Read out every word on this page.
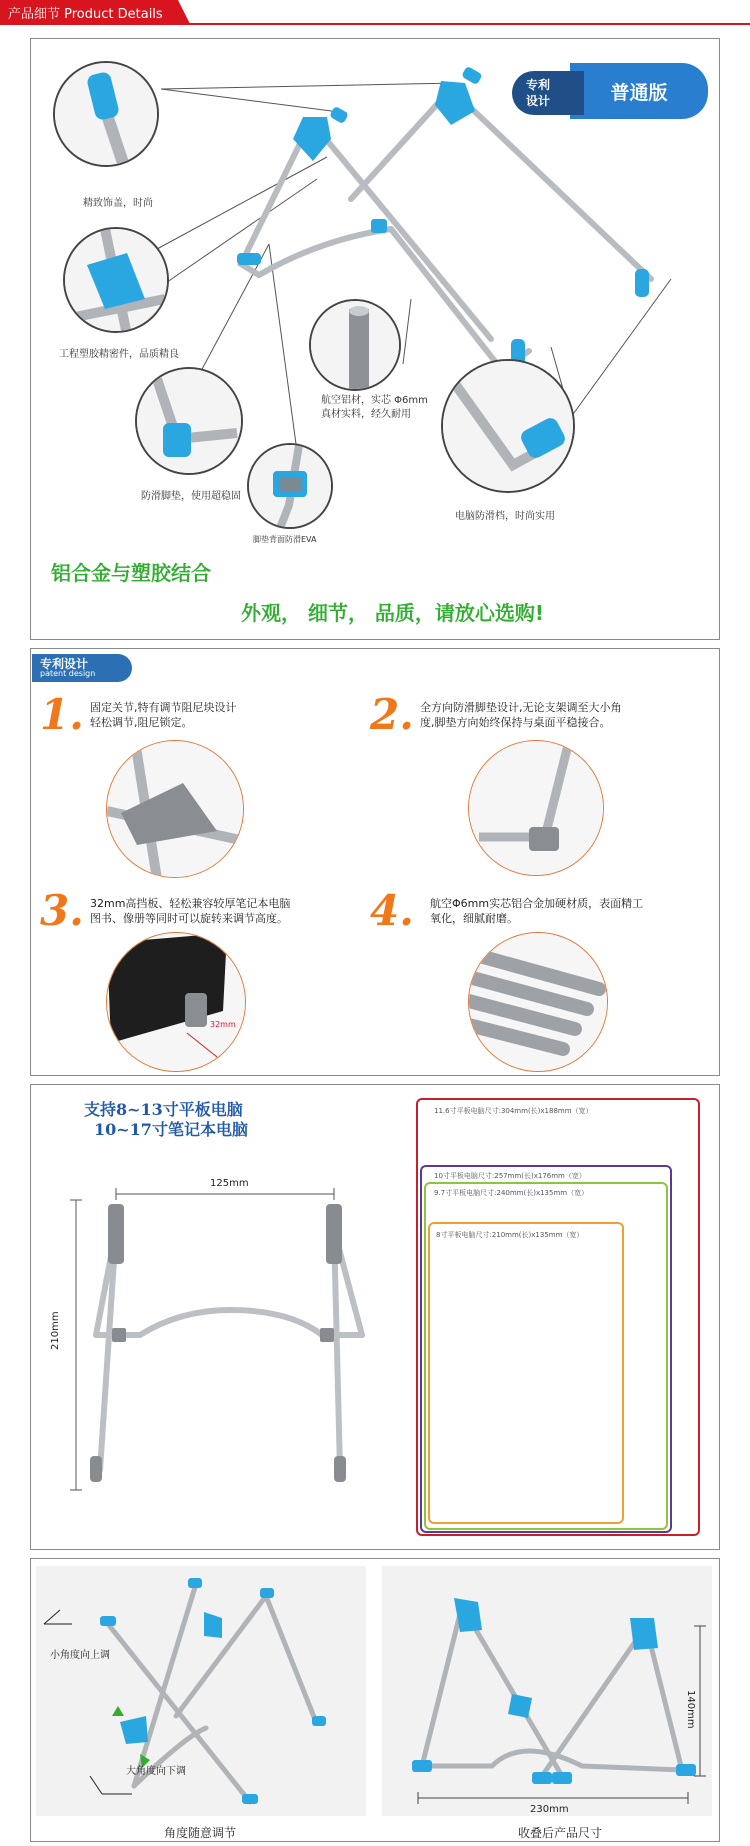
产品细节 Product Details
精致饰盖，时尚
工程塑胶精密件，品质精良
航空铝材，实芯 Φ6mm
真材实料，经久耐用
防滑脚垫，使用超稳固
脚垫背面防滑EVA
电脑防滑档，时尚实用
铝合金与塑胶结合
外观， 细节， 品质，请放心选购!
普通版
专利
设计
专利设计
patent design
1. 固定关节,特有调节阻尼块设计
轻松调节,阻尼锁定。	2. 全方向防滑脚垫设计,无论支架调至大小角
度,脚垫方向始终保持与桌面平稳接合。
3. 32mm高挡板、轻松兼容较厚笔记本电脑
图书、像册等同时可以旋转来调节高度。
32mm
4. 航空Φ6mm实芯铝合金加硬材质，表面精工
氧化，细腻耐磨。
支持8~13寸平板电脑
10~17寸笔记本电脑
125mm
210mm
11.6寸平板电脑尺寸:304mm(长)x188mm（宽）
10寸平板电脑尺寸:257mm(长)x176mm（宽）
9.7寸平板电脑尺寸:240mm(长)x135mm（宽）
8寸平板电脑尺寸:210mm(长)x135mm（宽）
小角度向上调
大角度向下调
140mm
230mm
角度随意调节	收叠后产品尺寸
